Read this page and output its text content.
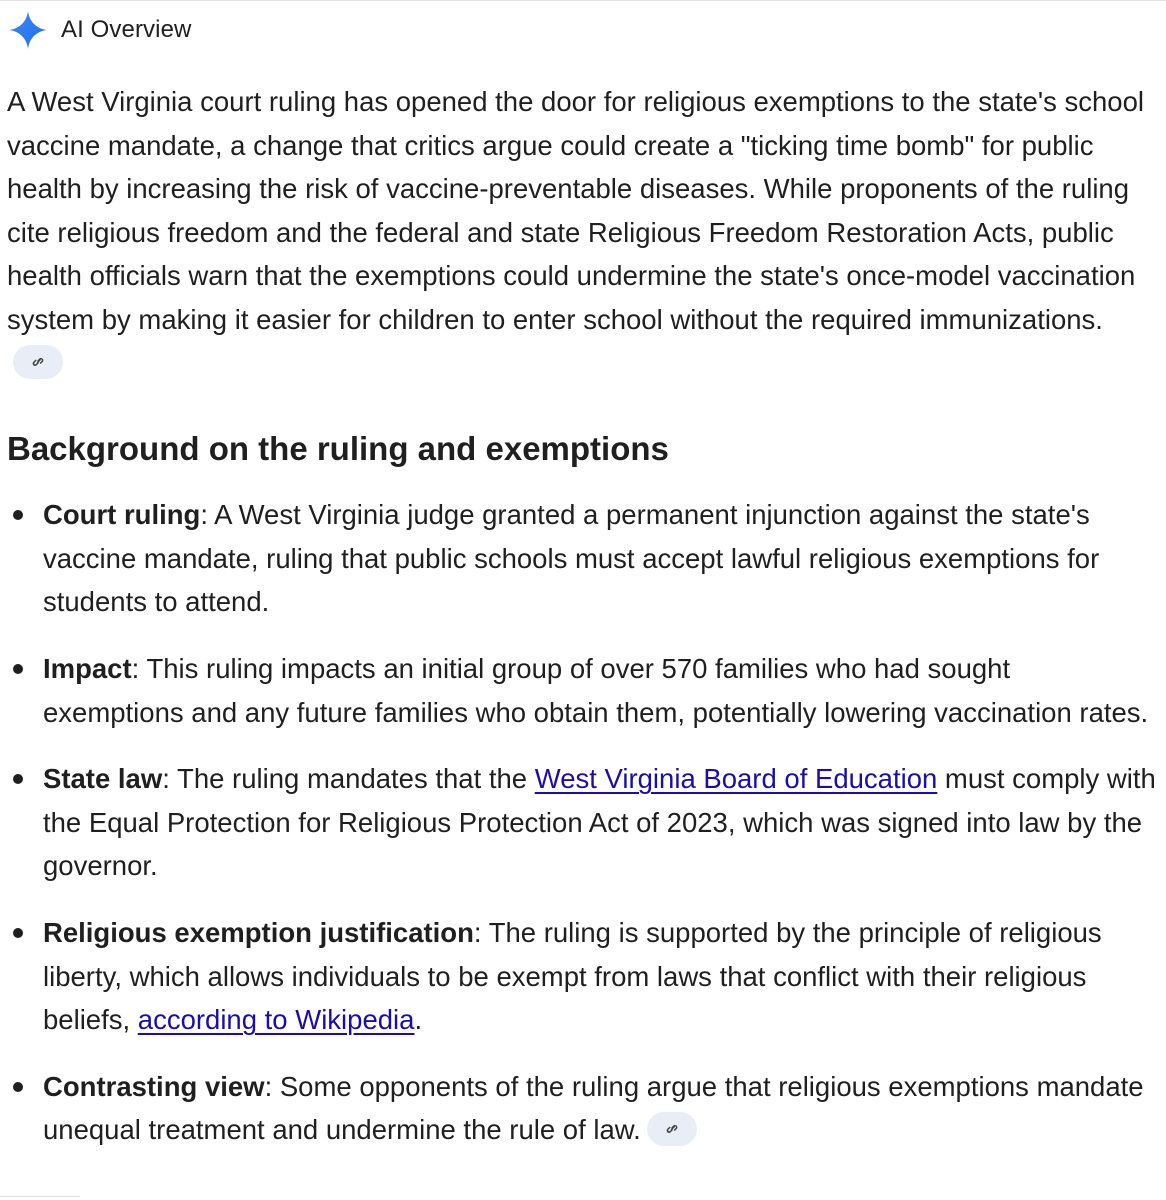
AI Overview

A West Virginia court ruling has opened the door for religious exemptions to the state's school vaccine mandate, a change that critics argue could create a "ticking time bomb" for public health by increasing the risk of vaccine-preventable diseases. While proponents of the ruling cite religious freedom and the federal and state Religious Freedom Restoration Acts, public health officials warn that the exemptions could undermine the state's once-model vaccination system by making it easier for children to enter school without the required immunizations.

Background on the ruling and exemptions
Court ruling: A West Virginia judge granted a permanent injunction against the state's vaccine mandate, ruling that public schools must accept lawful religious exemptions for students to attend.
Impact: This ruling impacts an initial group of over 570 families who had sought exemptions and any future families who obtain them, potentially lowering vaccination rates.
State law: The ruling mandates that the West Virginia Board of Education must comply with the Equal Protection for Religious Protection Act of 2023, which was signed into law by the governor.
Religious exemption justification: The ruling is supported by the principle of religious liberty, which allows individuals to be exempt from laws that conflict with their religious beliefs, according to Wikipedia.
Contrasting view: Some opponents of the ruling argue that religious exemptions mandate unequal treatment and undermine the rule of law.
